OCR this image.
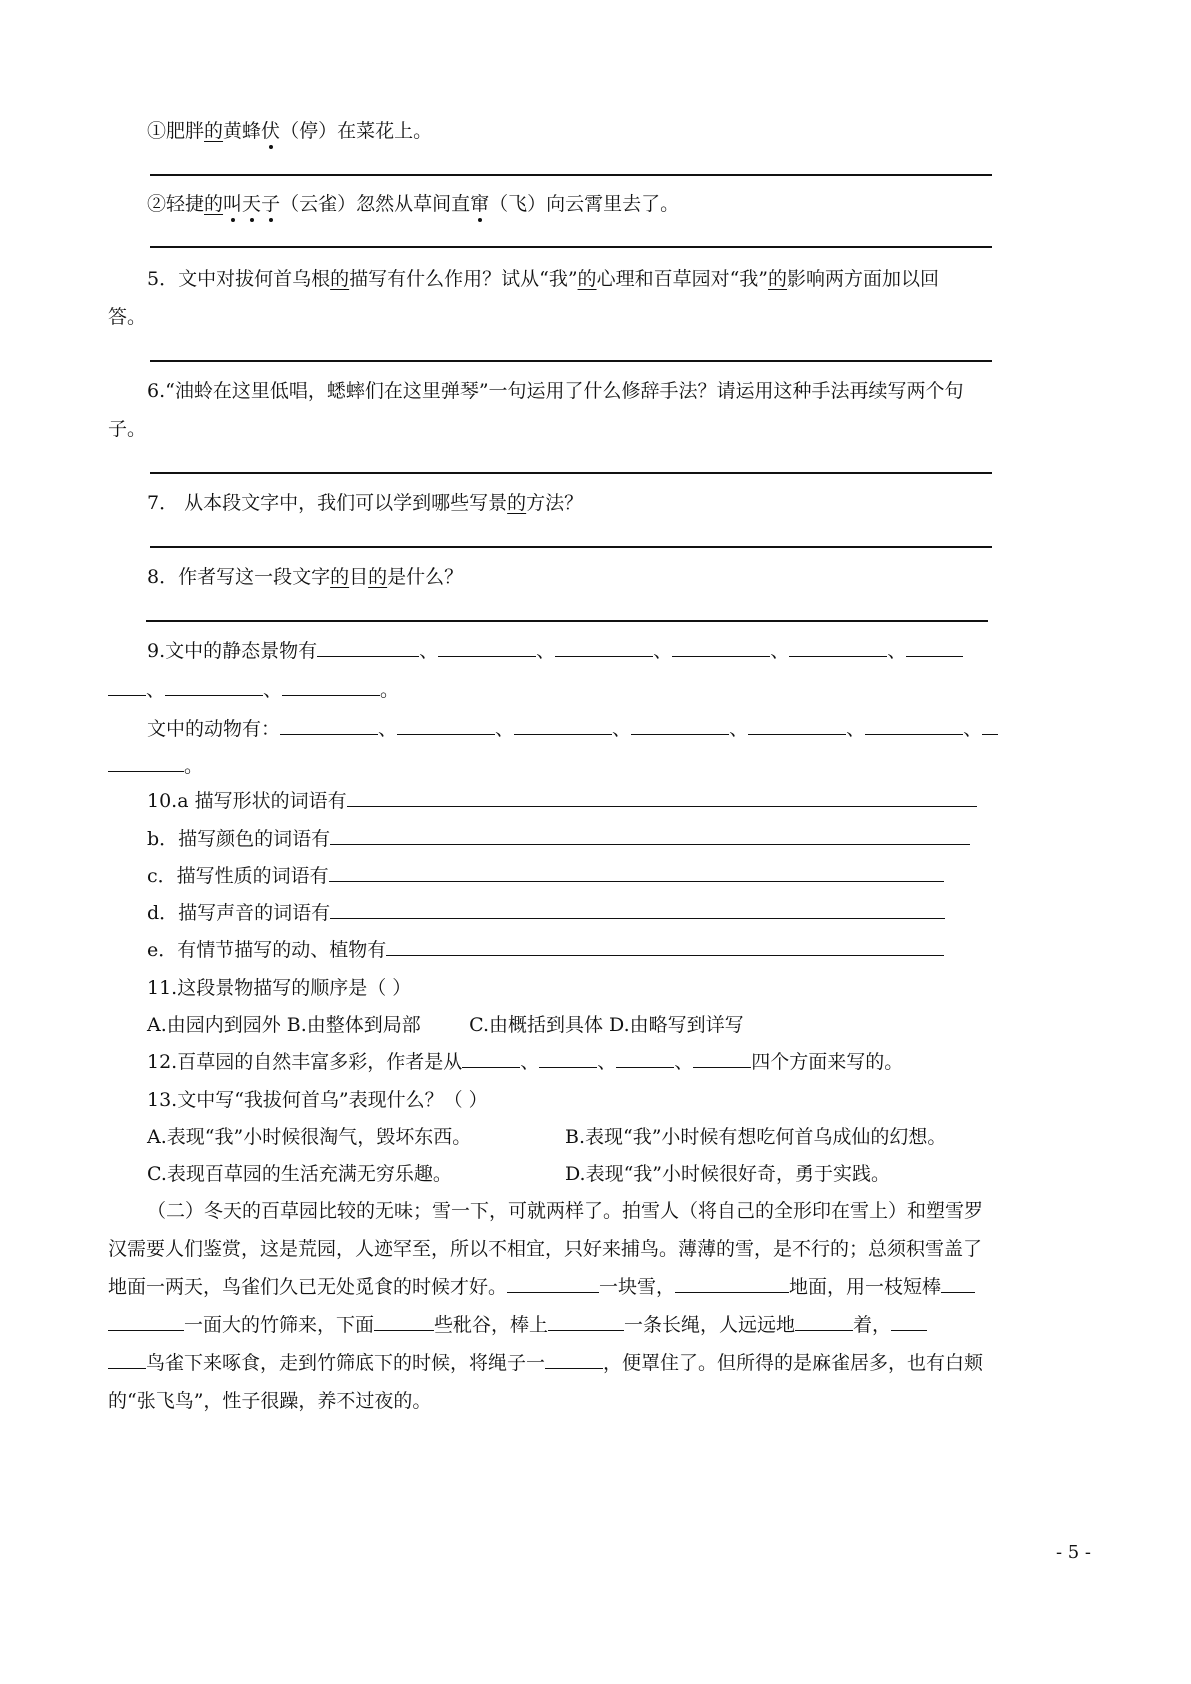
①肥胖的黄蜂伏（停）在菜花上。
②轻捷的叫天子（云雀）忽然从草间直窜（飞）向云霄里去了。
5．文中对拔何首乌根的描写有什么作用？试从“我”的心理和百草园对“我”的影响两方面加以回
答。
6.“油蛉在这里低唱，蟋蟀们在这里弹琴”一句运用了什么修辞手法？请运用这种手法再续写两个句
子。
7． 从本段文字中，我们可以学到哪些写景的方法？
8．作者写这一段文字的目的是什么？
9.文中的静态景物有	、	、	、	、	、
、	、	。
文中的动物有：	、	、	、	、	、	、
。
10.a 描写形状的词语有
b．描写颜色的词语有
c．描写性质的词语有
d．描写声音的词语有
e．有情节描写的动、植物有
11.这段景物描写的顺序是（ ）
A.由园内到园外 B.由整体到局部        C.由概括到具体 D.由略写到详写
12.百草园的自然丰富多彩，作者是从	、	、	、	四个方面来写的。
13.文中写“我拔何首乌”表现什么？（ ）
A.表现“我”小时候很淘气，毁坏东西。	B.表现“我”小时候有想吃何首乌成仙的幻想。
C.表现百草园的生活充满无穷乐趣。	D.表现“我”小时候很好奇，勇于实践。
（二）冬天的百草园比较的无味；雪一下，可就两样了。拍雪人（将自己的全形印在雪上）和塑雪罗
汉需要人们鉴赏，这是荒园，人迹罕至，所以不相宜，只好来捕鸟。薄薄的雪，是不行的；总须积雪盖了
地面一两天，鸟雀们久已无处觅食的时候才好。	一块雪，	地面，用一枝短棒
一面大的竹筛来，下面	些秕谷，棒上	一条长绳，人远远地	着，
鸟雀下来啄食，走到竹筛底下的时候，将绳子一	，便罩住了。但所得的是麻雀居多，也有白颊
的“张飞鸟”，性子很躁，养不过夜的。
- 5 -
